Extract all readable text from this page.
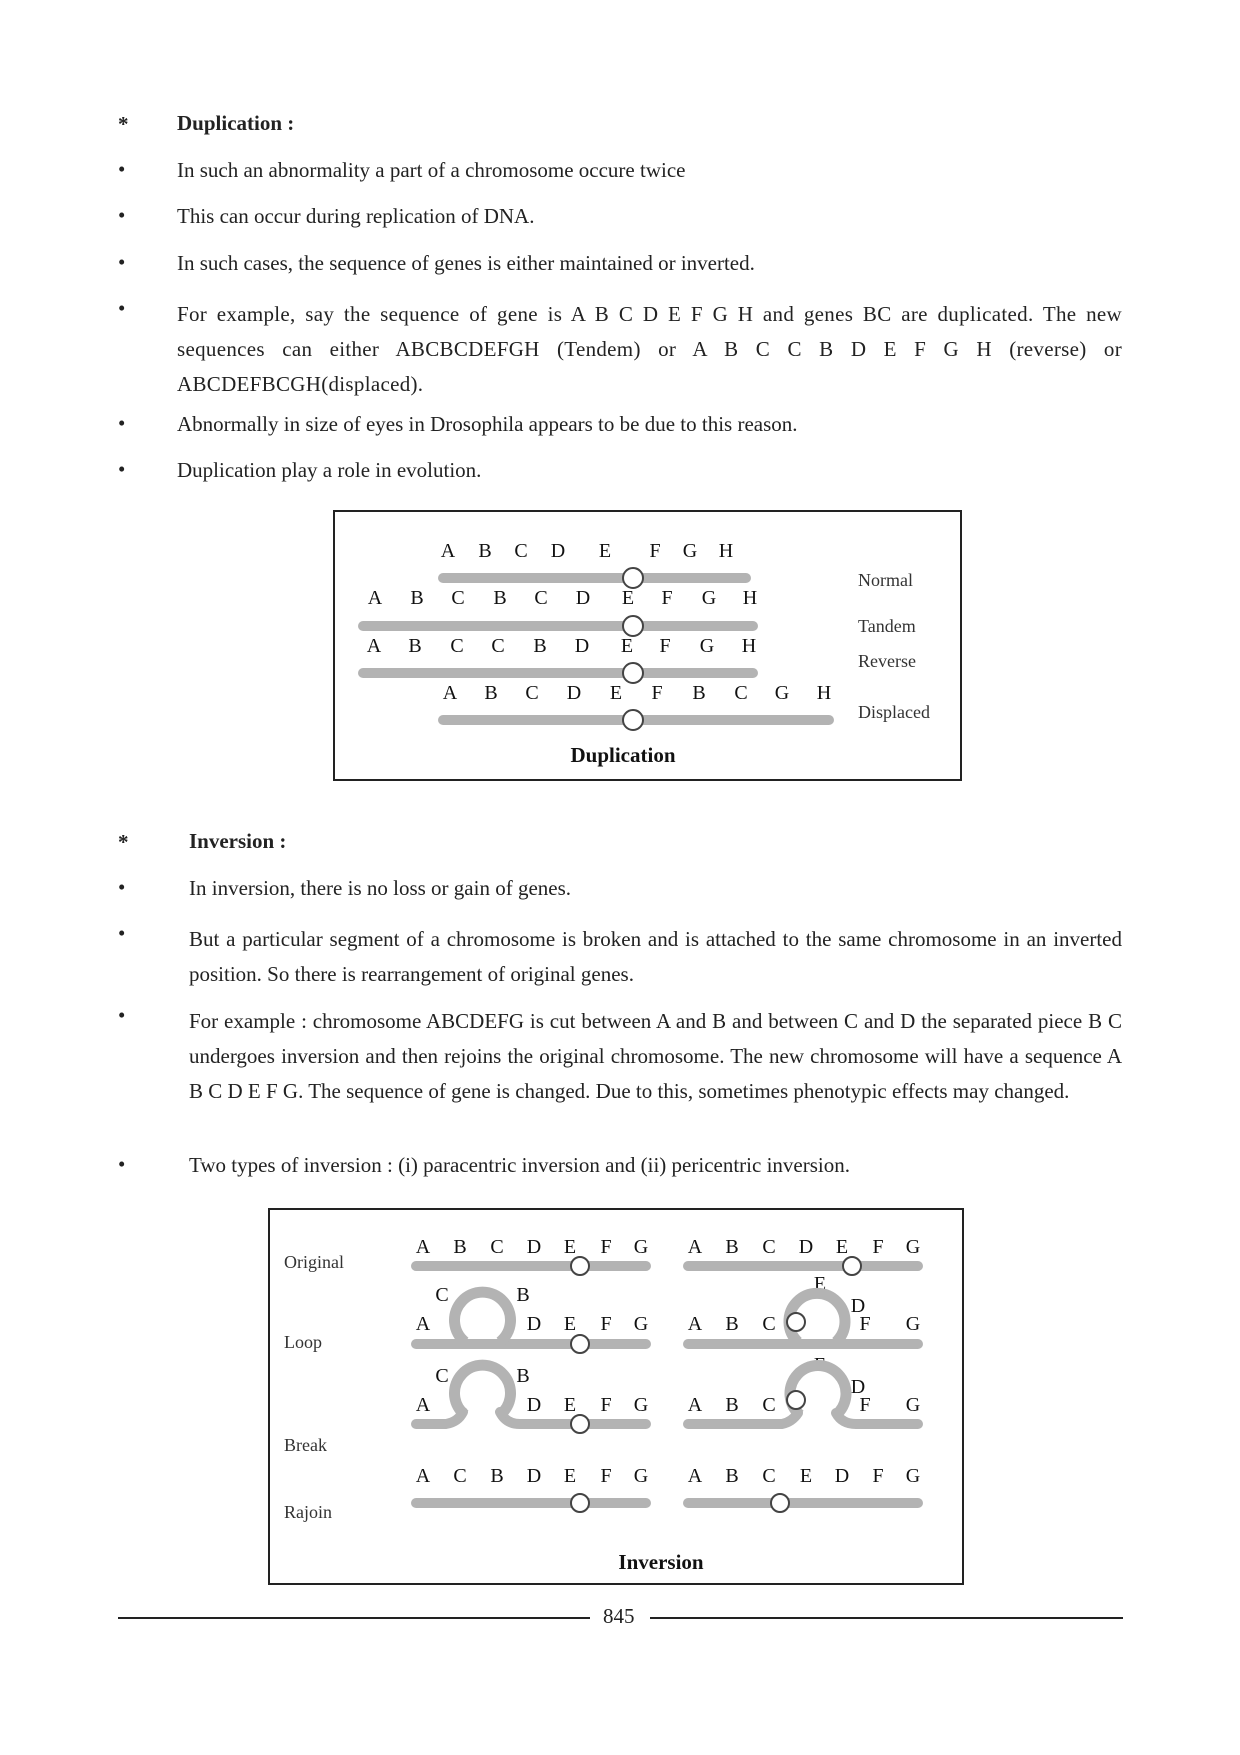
* Duplication :
• In such an abnormality a part of a chromosome occure twice
• This can occur during replication of DNA.
• In such cases, the sequence of genes is either maintained or inverted.
• For example, say the sequence of gene is A B C D E F G H and genes BC are duplicated. The new sequences can either ABCBCDEFGH (Tendem) or A B C C B D E F G H (reverse) or ABCDEFBCGH(displaced).
• Abnormally in size of eyes in Drosophila appears to be due to this reason.
• Duplication play a role in evolution.
A B C D E F G H
A B C B C D E F G H
A B C C B D E F G H
A B C D E F B C G H
Normal
Tandem
Reverse
Displaced
Duplication
*	Inversion :
•	In inversion, there is no loss or gain of genes.
•	But a particular segment of a chromosome is broken and is attached to the same chromosome in an inverted position. So there is rearrangement of original genes.
•	For example : chromosome ABCDEFG is cut between A and B and between C and D the separated piece B C undergoes inversion and then rejoins the original chromosome. The new chromosome will have a sequence A B C D E F G. The sequence of gene is changed. Due to this, sometimes phenotypic effects may changed.
•	Two types of inversion : (i) paracentric inversion and (ii) pericentric inversion.
Original
Loop
Break
Rajoin
A B C D E F G
C	B
A	D E F G
C	B
A	D E F G
A C B D E F G
A B C D E F G
E
D
A B C	F G
E
D
A B C	F G
A B C E D F G
Inversion
845
